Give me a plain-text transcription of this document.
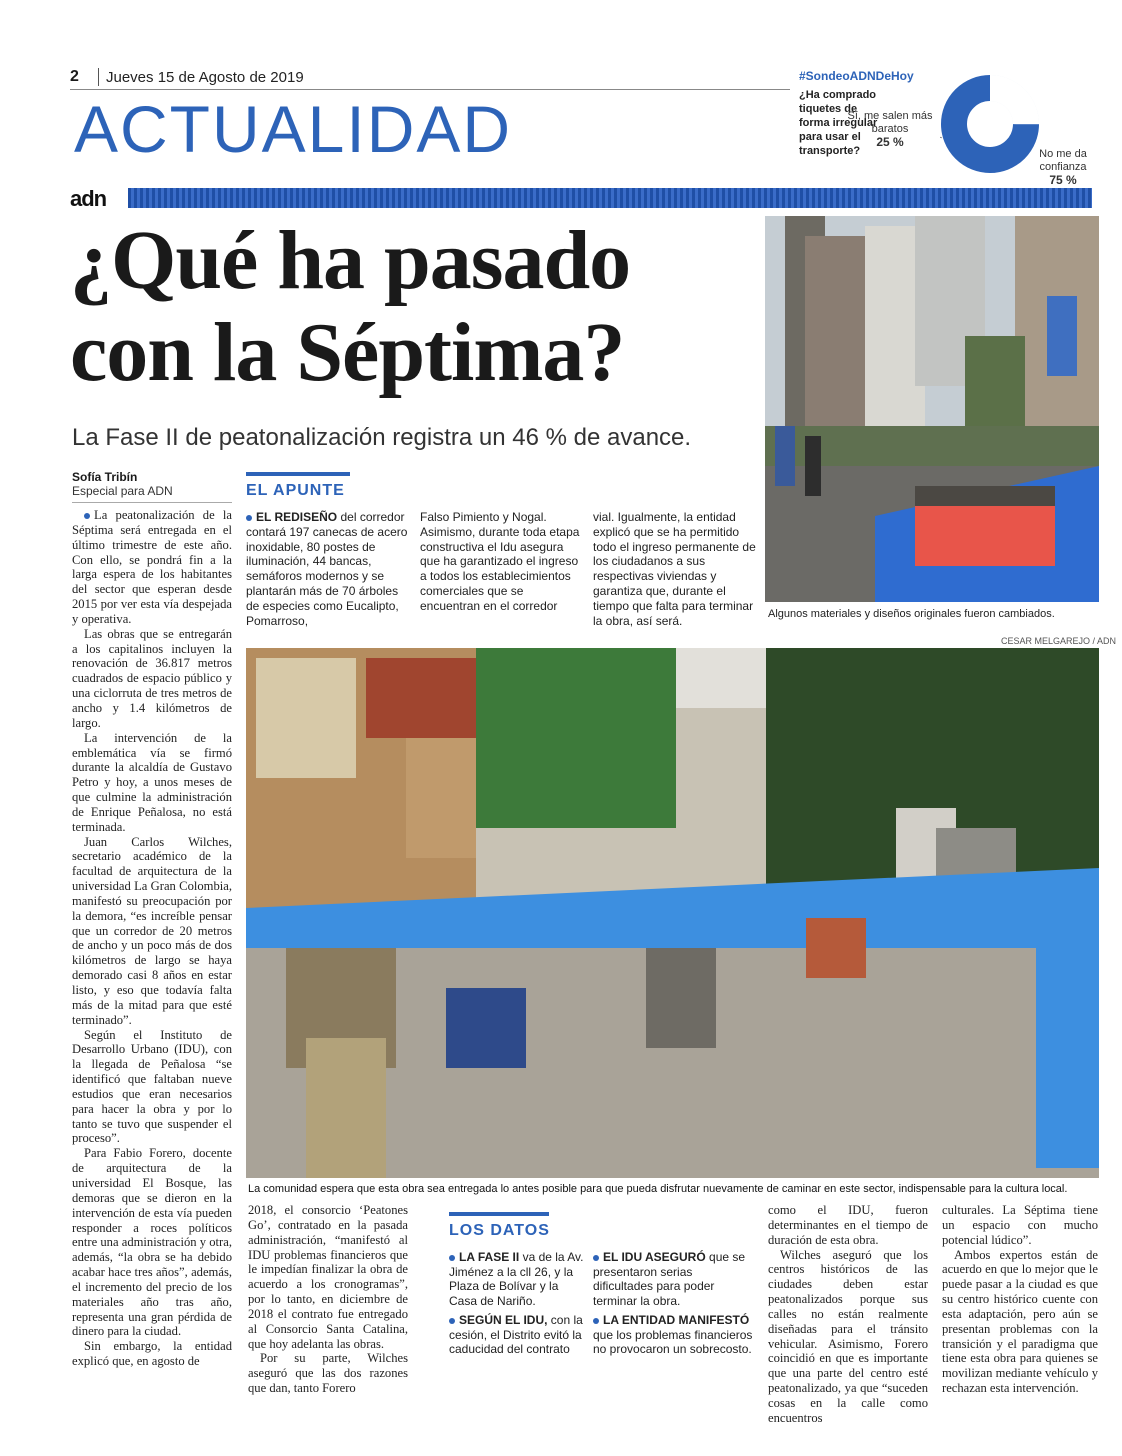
2 Jueves 15 de Agosto de 2019
ACTUALIDAD
adn
#SondeoADNDeHoy
¿Ha comprado tiquetes de forma irregular para usar el transporte?
Sí, me salen más baratos
25 %
No me da confianza
75 %
¿Qué ha pasado con la Séptima?
La Fase II de peatonalización registra un 46 % de avance.
Sofía Tribín
Especial para ADN
Algunos materiales y diseños originales fueron cambiados.
CESAR MELGAREJO / ADN
EL APUNTE
EL REDISEÑO del corredor contará 197 canecas de acero inoxidable, 80 postes de iluminación, 44 bancas, semáforos modernos y se plantarán más de 70 árboles de especies como Eucalipto, Pomarroso,
Falso Pimiento y Nogal. Asimismo, durante toda etapa constructiva el Idu asegura que ha garantizado el ingreso a todos los establecimientos comerciales que se encuentran en el corredor
vial. Igualmente, la entidad explicó que se ha permitido todo el ingreso permanente de los ciudadanos a sus respectivas viviendas y garantiza que, durante el tiempo que falta para terminar la obra, así será.
La comunidad espera que esta obra sea entregada lo antes posible para que pueda disfrutar nuevamente de caminar en este sector, indispensable para la cultura local.

La peatonalización de la Séptima será entregada en el último trimestre de este año. Con ello, se pondrá fin a la larga espera de los habitantes del sector que esperan desde 2015 por ver esta vía despejada y operativa.

Las obras que se entregarán a los capitalinos incluyen la renovación de 36.817 metros cuadrados de espacio público y una ciclorruta de tres metros de ancho y 1.4 kilómetros de largo.

La intervención de la emblemática vía se firmó durante la alcaldía de Gustavo Petro y hoy, a unos meses de que culmine la administración de Enrique Peñalosa, no está terminada.

Juan Carlos Wilches, secretario académico de la facultad de arquitectura de la universidad La Gran Colombia, manifestó su preocupación por la demora, “es increíble pensar que un corredor de 20 metros de ancho y un poco más de dos kilómetros de largo se haya demorado casi 8 años en estar listo, y eso que todavía falta más de la mitad para que esté terminado”.

Según el Instituto de Desarrollo Urbano (IDU), con la llegada de Peñalosa “se identificó que faltaban nueve estudios que eran necesarios para hacer la obra y por lo tanto se tuvo que suspender el proceso”.

Para Fabio Forero, docente de arquitectura de la universidad El Bosque, las demoras que se dieron en la intervención de esta vía pueden responder a roces políticos entre una administración y otra, además, “la obra se ha debido acabar hace tres años”, además, el incremento del precio de los materiales año tras año, representa una gran pérdida de dinero para la ciudad.

Sin embargo, la entidad explicó que, en agosto de

2018, el consorcio ‘Peatones Go’, contratado en la pasada administración, “manifestó al IDU problemas financieros que le impedían finalizar la obra de acuerdo a los cronogramas”, por lo tanto, en diciembre de 2018 el contrato fue entregado al Consorcio Santa Catalina, que hoy adelanta las obras.

Por su parte, Wilches aseguró que las dos razones que dan, tanto Forero

LOS DATOS
LA FASE II va de la Av. Jiménez a la cll 26, y la Plaza de Bolívar y la Casa de Nariño.
SEGÚN EL IDU, con la cesión, el Distrito evitó la caducidad del contrato
EL IDU ASEGURÓ que se presentaron serias dificultades para poder terminar la obra.
LA ENTIDAD MANIFESTÓ que los problemas financieros no provocaron un sobrecosto.

como el IDU, fueron determinantes en el tiempo de duración de esta obra.

Wilches aseguró que los centros históricos de las ciudades deben estar peatonalizados porque sus calles no están realmente diseñadas para el tránsito vehicular. Asimismo, Forero coincidió en que es importante que una parte del centro esté peatonalizado, ya que “suceden cosas en la calle como encuentros

culturales. La Séptima tiene un espacio con mucho potencial lúdico”.

Ambos expertos están de acuerdo en que lo mejor que le puede pasar a la ciudad es que su centro histórico cuente con esta adaptación, pero aún se presentan problemas con la transición y el paradigma que tiene esta obra para quienes se movilizan mediante vehículo y rechazan esta intervención.
